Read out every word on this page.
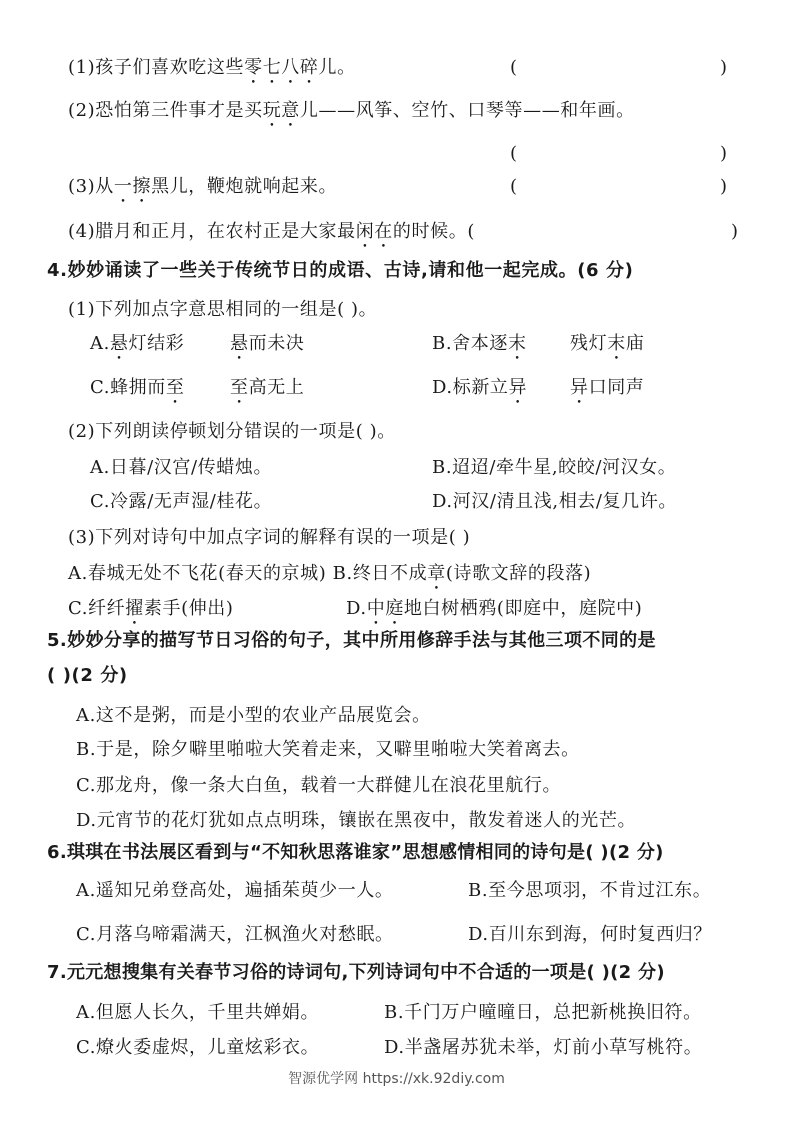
(1)孩子们喜欢吃这些零七八碎儿。	(	)
(2)恐怕第三件事才是买玩意儿——风筝、空竹、口琴等——和年画。
(	)
(3)从一擦黑儿，鞭炮就响起来。	(	)
(4)腊月和正月，在农村正是大家最闲在的时候。(	)
4.妙妙诵读了一些关于传统节日的成语、古诗,请和他一起完成。(6 分)
(1)下列加点字意思相同的一组是( )。
A.悬灯结彩	悬而未决	B.舍本逐末 残灯末庙
C.蜂拥而至	至高无上	D.标新立异 异口同声
(2)下列朗读停顿划分错误的一项是( )。
A.日暮/汉宫/传蜡烛。	B.迢迢/牵牛星,皎皎/河汉女。
C.冷露/无声湿/桂花。	D.河汉/清且浅,相去/复几许。
(3)下列对诗句中加点字词的解释有误的一项是( )
A.春城无处不飞花(春天的京城) B.终日不成章(诗歌文辞的段落)
C.纤纤擢素手(伸出)	D.中庭地白树栖鸦(即庭中，庭院中)
5.妙妙分享的描写节日习俗的句子，其中所用修辞手法与其他三项不同的是
( )(2 分)
A.这不是粥，而是小型的农业产品展览会。
B.于是，除夕噼里啪啦大笑着走来，又噼里啪啦大笑着离去。
C.那龙舟，像一条大白鱼，载着一大群健儿在浪花里航行。
D.元宵节的花灯犹如点点明珠，镶嵌在黑夜中，散发着迷人的光芒。
6.琪琪在书法展区看到与“不知秋思落谁家”思想感情相同的诗句是( )(2 分)
A.遥知兄弟登高处，遍插茱萸少一人。	B.至今思项羽，不肯过江东。
C.月落乌啼霜满天，江枫渔火对愁眠。	D.百川东到海，何时复西归？
7.元元想搜集有关春节习俗的诗词句,下列诗词句中不合适的一项是( )(2 分)
A.但愿人长久，千里共婵娟。	B.千门万户曈曈日，总把新桃换旧符。
C.燎火委虚烬，儿童炫彩衣。	D.半盏屠苏犹未举，灯前小草写桃符。
智源优学网 https://xk.92diy.com
